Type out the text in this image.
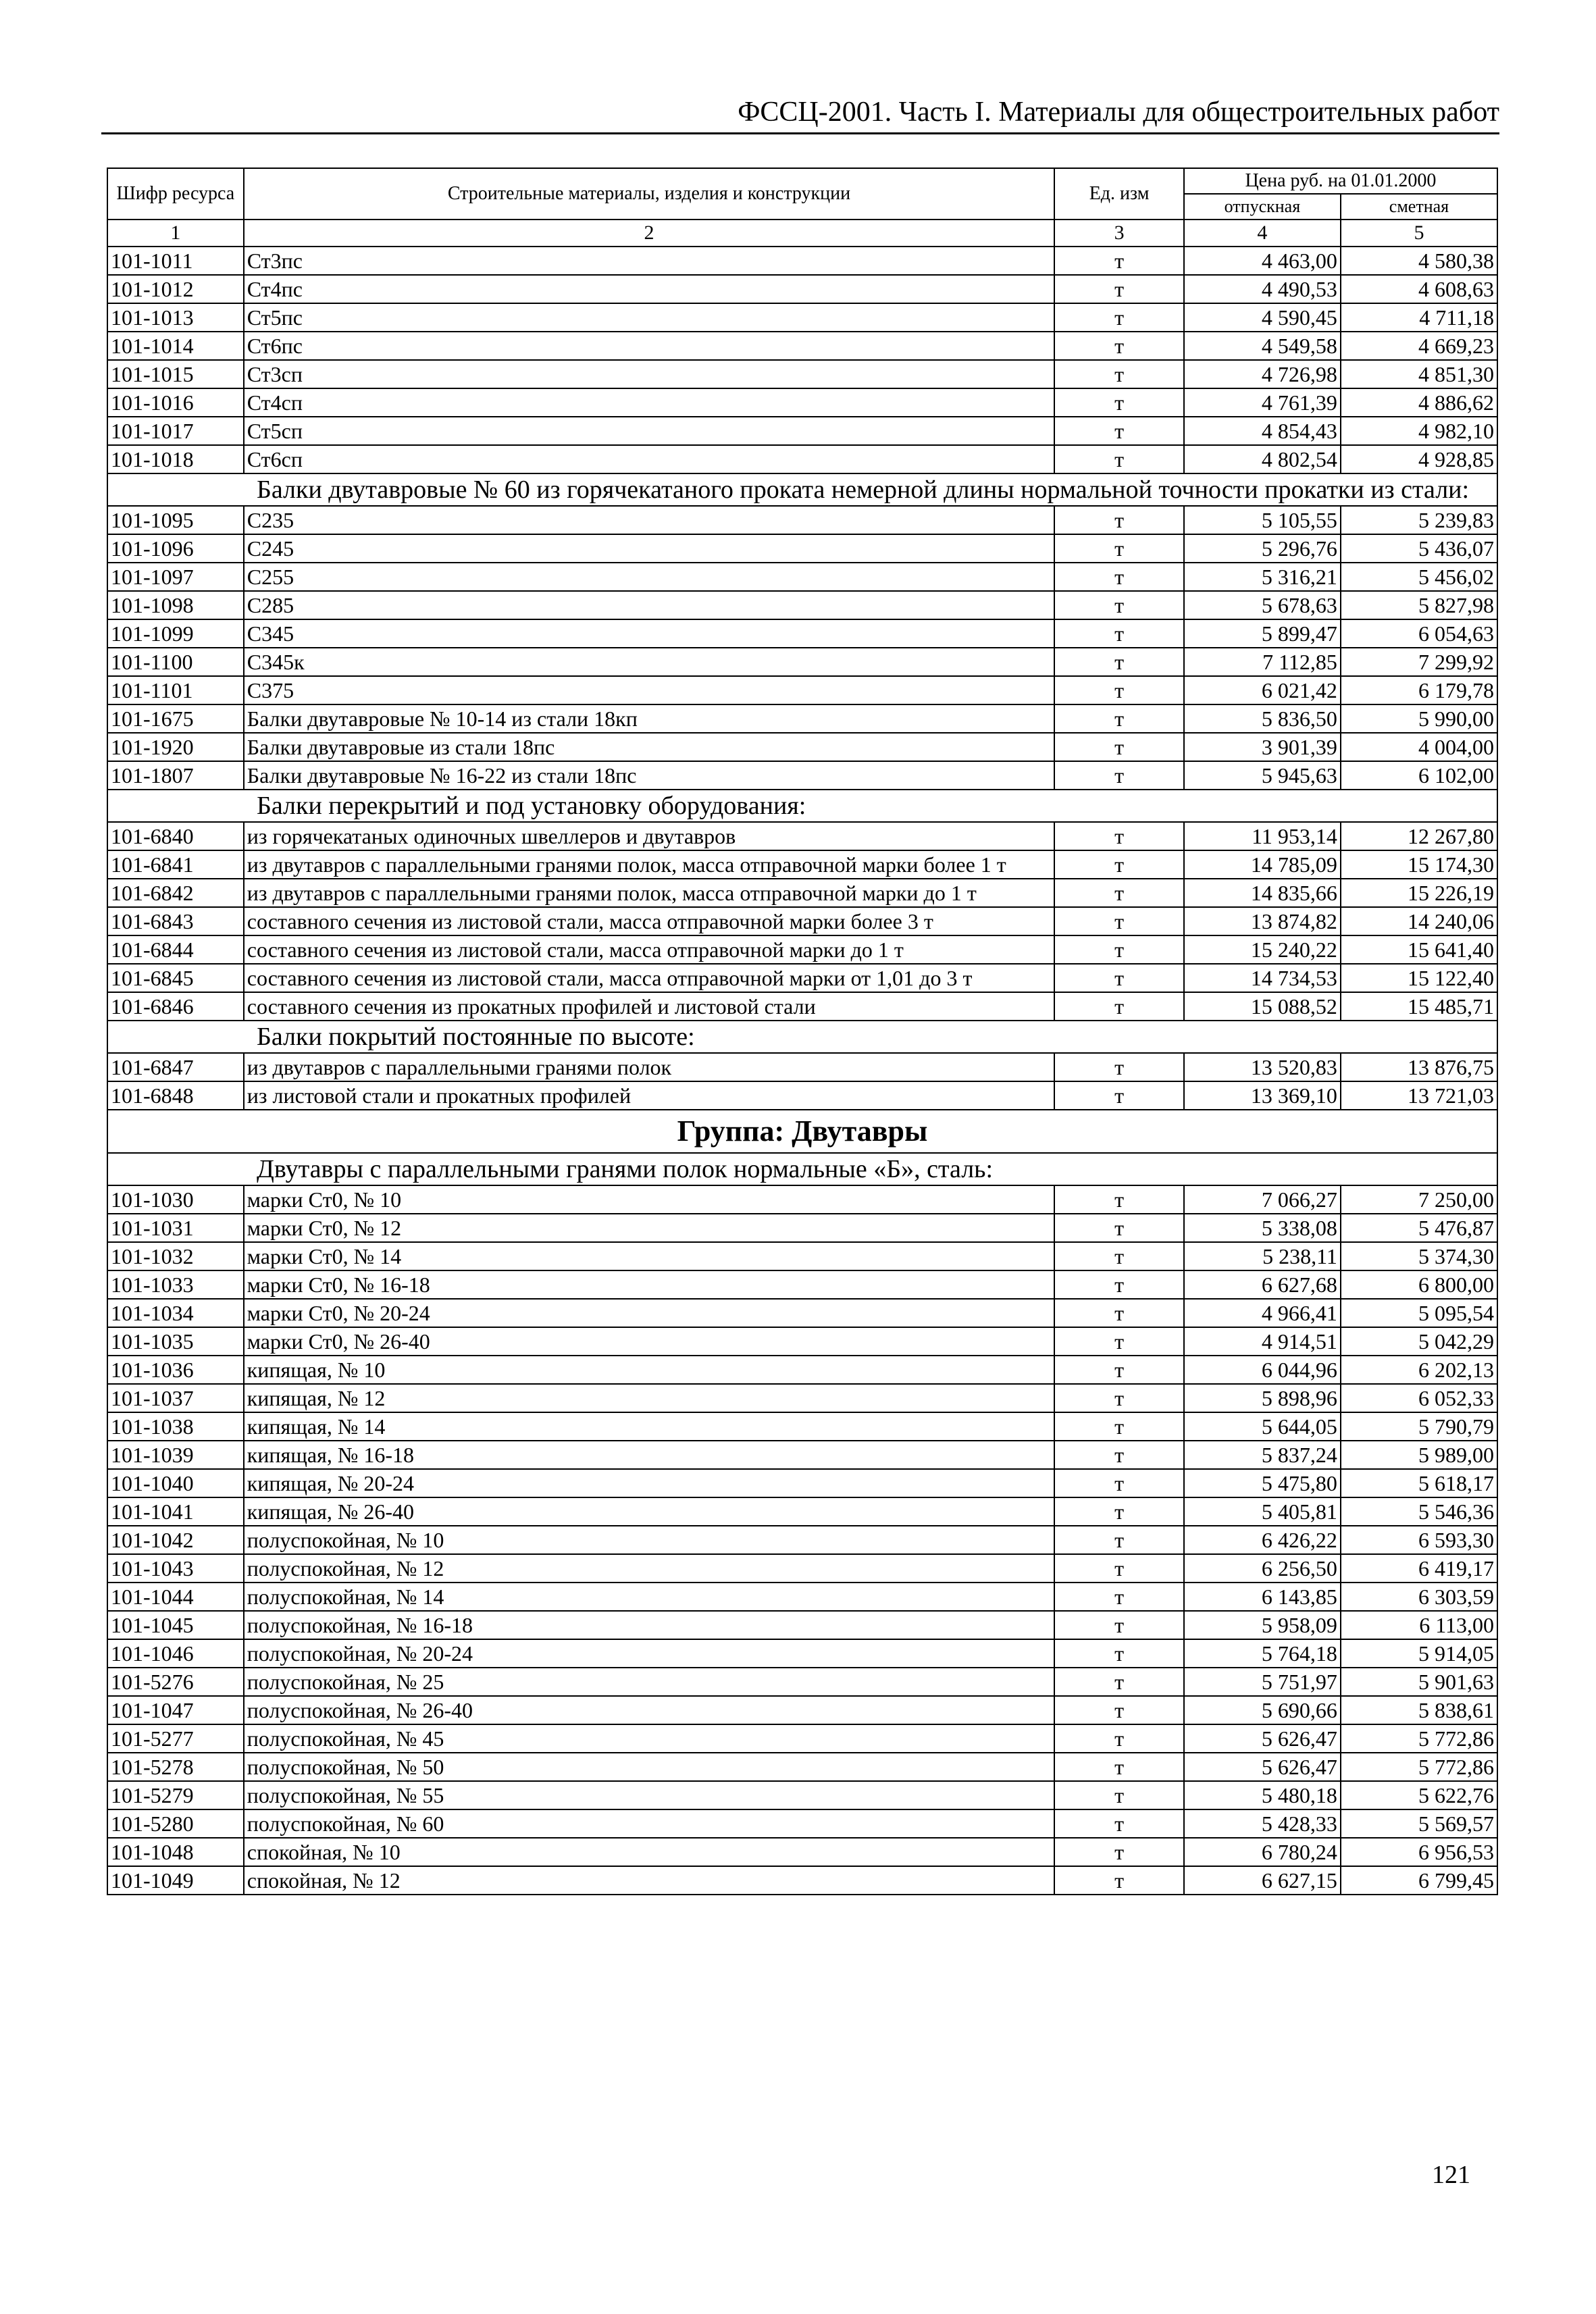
ФССЦ-2001. Часть I. Материалы для общестроительных работ
Шифр ресурса	Строительные материалы, изделия и конструкции	Ед. изм	Цена руб. на 01.01.2000	
			отпускная	сметная
1	2	3	4	5
101-1011	Ст3пс	т	4 463,00	4 580,38
101-1012	Ст4пс	т	4 490,53	4 608,63
101-1013	Ст5пс	т	4 590,45	4 711,18
101-1014	Ст6пс	т	4 549,58	4 669,23
101-1015	Ст3сп	т	4 726,98	4 851,30
101-1016	Ст4сп	т	4 761,39	4 886,62
101-1017	Ст5сп	т	4 854,43	4 982,10
101-1018	Ст6сп	т	4 802,54	4 928,85
Балки двутавровые № 60 из горячекатаного проката немерной длины нормальной точности прокатки из стали:				
101-1095	С235	т	5 105,55	5 239,83
101-1096	С245	т	5 296,76	5 436,07
101-1097	С255	т	5 316,21	5 456,02
101-1098	С285	т	5 678,63	5 827,98
101-1099	С345	т	5 899,47	6 054,63
101-1100	С345к	т	7 112,85	7 299,92
101-1101	С375	т	6 021,42	6 179,78
101-1675	Балки двутавровые № 10-14 из стали 18кп	т	5 836,50	5 990,00
101-1920	Балки двутавровые из стали 18пс	т	3 901,39	4 004,00
101-1807	Балки двутавровые № 16-22 из стали 18пс	т	5 945,63	6 102,00
Балки перекрытий и под установку оборудования:				
101-6840	из горячекатаных одиночных швеллеров и двутавров	т	11 953,14	12 267,80
101-6841	из двутавров с параллельными гранями полок, масса отправочной марки более 1 т	т	14 785,09	15 174,30
101-6842	из двутавров с параллельными гранями полок, масса отправочной марки до 1 т	т	14 835,66	15 226,19
101-6843	составного сечения из листовой стали, масса отправочной марки более 3 т	т	13 874,82	14 240,06
101-6844	составного сечения из листовой стали, масса отправочной марки до 1 т	т	15 240,22	15 641,40
101-6845	составного сечения из листовой стали, масса отправочной марки от 1,01 до 3 т	т	14 734,53	15 122,40
101-6846	составного сечения из прокатных профилей и листовой стали	т	15 088,52	15 485,71
Балки покрытий постоянные по высоте:				
101-6847	из двутавров с параллельными гранями полок	т	13 520,83	13 876,75
101-6848	из листовой стали и прокатных профилей	т	13 369,10	13 721,03
Группа: Двутавры				
Двутавры с параллельными гранями полок нормальные «Б», сталь:				
101-1030	марки Ст0, № 10	т	7 066,27	7 250,00
101-1031	марки Ст0, № 12	т	5 338,08	5 476,87
101-1032	марки Ст0, № 14	т	5 238,11	5 374,30
101-1033	марки Ст0, № 16-18	т	6 627,68	6 800,00
101-1034	марки Ст0, № 20-24	т	4 966,41	5 095,54
101-1035	марки Ст0, № 26-40	т	4 914,51	5 042,29
101-1036	кипящая, № 10	т	6 044,96	6 202,13
101-1037	кипящая, № 12	т	5 898,96	6 052,33
101-1038	кипящая, № 14	т	5 644,05	5 790,79
101-1039	кипящая, № 16-18	т	5 837,24	5 989,00
101-1040	кипящая, № 20-24	т	5 475,80	5 618,17
101-1041	кипящая, № 26-40	т	5 405,81	5 546,36
101-1042	полуспокойная, № 10	т	6 426,22	6 593,30
101-1043	полуспокойная, № 12	т	6 256,50	6 419,17
101-1044	полуспокойная, № 14	т	6 143,85	6 303,59
101-1045	полуспокойная, № 16-18	т	5 958,09	6 113,00
101-1046	полуспокойная, № 20-24	т	5 764,18	5 914,05
101-5276	полуспокойная, № 25	т	5 751,97	5 901,63
101-1047	полуспокойная, № 26-40	т	5 690,66	5 838,61
101-5277	полуспокойная, № 45	т	5 626,47	5 772,86
101-5278	полуспокойная, № 50	т	5 626,47	5 772,86
101-5279	полуспокойная, № 55	т	5 480,18	5 622,76
101-5280	полуспокойная, № 60	т	5 428,33	5 569,57
101-1048	спокойная, № 10	т	6 780,24	6 956,53
101-1049	спокойная, № 12	т	6 627,15	6 799,45
121
